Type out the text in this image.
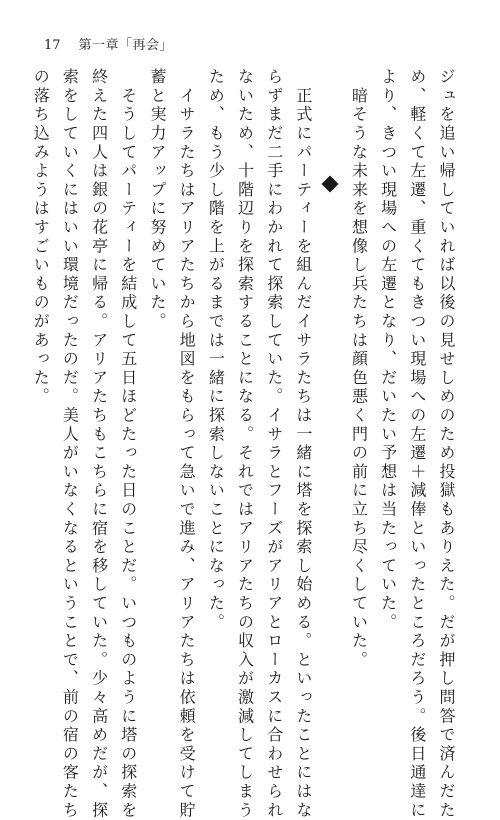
17 第一章「再会」
ジュを追い帰していれば以後の見せしめのため投獄もありえた。だが押し問答で済んだた
め、軽くて左遷、重くてもきつい現場への左遷＋減俸といったところだろう。後日通達に
より、きつい現場への左遷となり、だいたい予想は当たっていた。
　暗そうな未来を想像し兵たちは顔色悪く門の前に立ち尽くしていた。
　正式にパーティーを組んだイサラたちは一緒に塔を探索し始める。といったことにはな
らずまだ二手にわかれて探索していた。イサラとフーズがアリアとローカスに合わせられ
ないため、十階辺りを探索することになる。それではアリアたちの収入が激減してしまう
ため、もう少し階を上がるまでは一緒に探索しないことになった。
　イサラたちはアリアたちから地図をもらって急いで進み、アリアたちは依頼を受けて貯
蓄と実力アップに努めていた。
　そうしてパーティーを結成して五日ほどたった日のことだ。いつものように塔の探索を
終えた四人は銀の花亭に帰る。アリアたちもこちらに宿を移していた。少々高めだが、探
索をしていくにはいい環境だったのだ。美人がいなくなるということで、前の宿の客たち
の落ち込みようはすごいものがあった。
